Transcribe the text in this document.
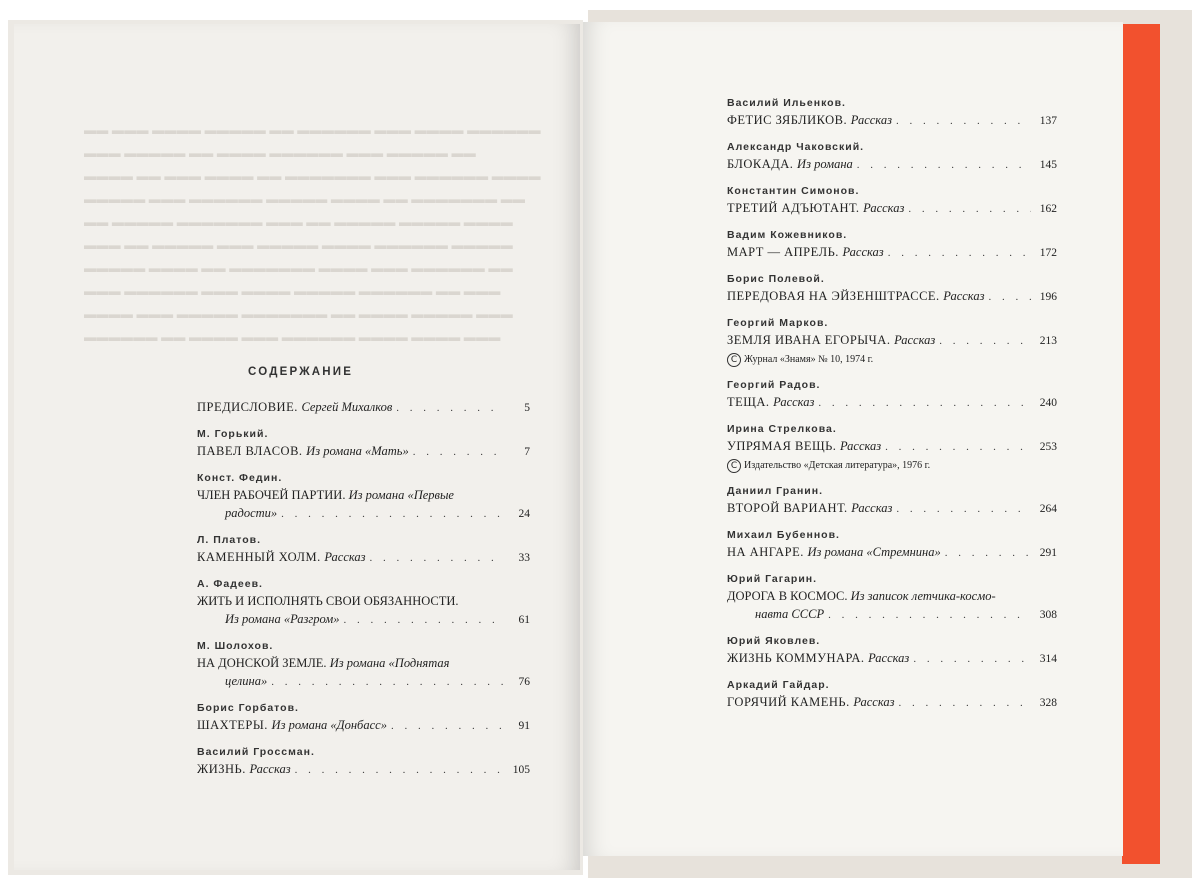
▬▬ ▬▬▬ ▬▬▬▬ ▬▬▬▬▬ ▬▬ ▬▬▬▬▬▬ ▬▬▬ ▬▬▬▬ ▬▬▬▬▬▬
▬▬▬ ▬▬▬▬▬ ▬▬ ▬▬▬▬ ▬▬▬▬▬▬ ▬▬▬ ▬▬▬▬▬ ▬▬
▬▬▬▬ ▬▬ ▬▬▬ ▬▬▬▬ ▬▬ ▬▬▬▬▬▬▬ ▬▬▬ ▬▬▬▬▬▬ ▬▬▬▬
▬▬▬▬▬ ▬▬▬ ▬▬▬▬▬▬ ▬▬▬▬▬ ▬▬▬▬ ▬▬ ▬▬▬▬▬▬▬ ▬▬
▬▬ ▬▬▬▬▬ ▬▬▬▬▬▬▬ ▬▬▬ ▬▬ ▬▬▬▬▬ ▬▬▬▬▬ ▬▬▬▬
▬▬▬ ▬▬ ▬▬▬▬▬ ▬▬▬ ▬▬▬▬▬ ▬▬▬▬ ▬▬▬▬▬▬ ▬▬▬▬▬
▬▬▬▬▬ ▬▬▬▬ ▬▬ ▬▬▬▬▬▬▬ ▬▬▬▬ ▬▬▬ ▬▬▬▬▬▬ ▬▬
▬▬▬ ▬▬▬▬▬▬ ▬▬▬ ▬▬▬▬ ▬▬▬▬▬ ▬▬▬▬▬▬ ▬▬ ▬▬▬
▬▬▬▬ ▬▬▬ ▬▬▬▬▬ ▬▬▬▬▬▬▬ ▬▬ ▬▬▬▬ ▬▬▬▬▬ ▬▬▬
▬▬▬▬▬▬ ▬▬ ▬▬▬▬ ▬▬▬ ▬▬▬▬▬▬ ▬▬▬▬ ▬▬▬▬ ▬▬▬
СОДЕРЖАНИЕ
ПРЕДИСЛОВИЕ. Сергей Михалков . . .	5
М. Горький.
ПАВЕЛ ВЛАСОВ. Из романа «Мать» . . .	7
Конст. Федин.
ЧЛЕН РАБОЧЕЙ ПАРТИИ. Из романа «Первые
радости» . . .	24
Л. Платов.
КАМЕННЫЙ ХОЛМ. Рассказ . . .	33
А. Фадеев.
ЖИТЬ И ИСПОЛНЯТЬ СВОИ ОБЯЗАННОСТИ.
Из романа «Разгром» . . .	61
М. Шолохов.
НА ДОНСКОЙ ЗЕМЛЕ. Из романа «Поднятая
целина» . . .	76
Борис Горбатов.
ШАХТЕРЫ. Из романа «Донбасс» . . .	91
Василий Гроссман.
ЖИЗНЬ. Рассказ . . .	105
Василий Ильенков.
ФЕТИС ЗЯБЛИКОВ. Рассказ . . .	137
Александр Чаковский.
БЛОКАДА. Из романа . . .	145
Константин Симонов.
ТРЕТИЙ АДЪЮТАНТ. Рассказ . . .	162
Вадим Кожевников.
МАРТ — АПРЕЛЬ. Рассказ . . .	172
Борис Полевой.
ПЕРЕДОВАЯ НА ЭЙЗЕНШТРАССЕ. Рассказ . . .	196
Георгий Марков.
ЗЕМЛЯ ИВАНА ЕГОРЫЧА. Рассказ . . .	213
C Журнал «Знамя» № 10, 1974 г.
Георгий Радов.
ТЕЩА. Рассказ . . .	240
Ирина Стрелкова.
УПРЯМАЯ ВЕЩЬ. Рассказ . . .	253
C Издательство «Детская литература», 1976 г.
Даниил Гранин.
ВТОРОЙ ВАРИАНТ. Рассказ . . .	264
Михаил Бубеннов.
НА АНГАРЕ. Из романа «Стремнина» . . .	291
Юрий Гагарин.
ДОРОГА В КОСМОС. Из записок летчика-космо-
навта СССР . . .	308
Юрий Яковлев.
ЖИЗНЬ КОММУНАРА. Рассказ . . .	314
Аркадий Гайдар.
ГОРЯЧИЙ КАМЕНЬ. Рассказ . . .	328
